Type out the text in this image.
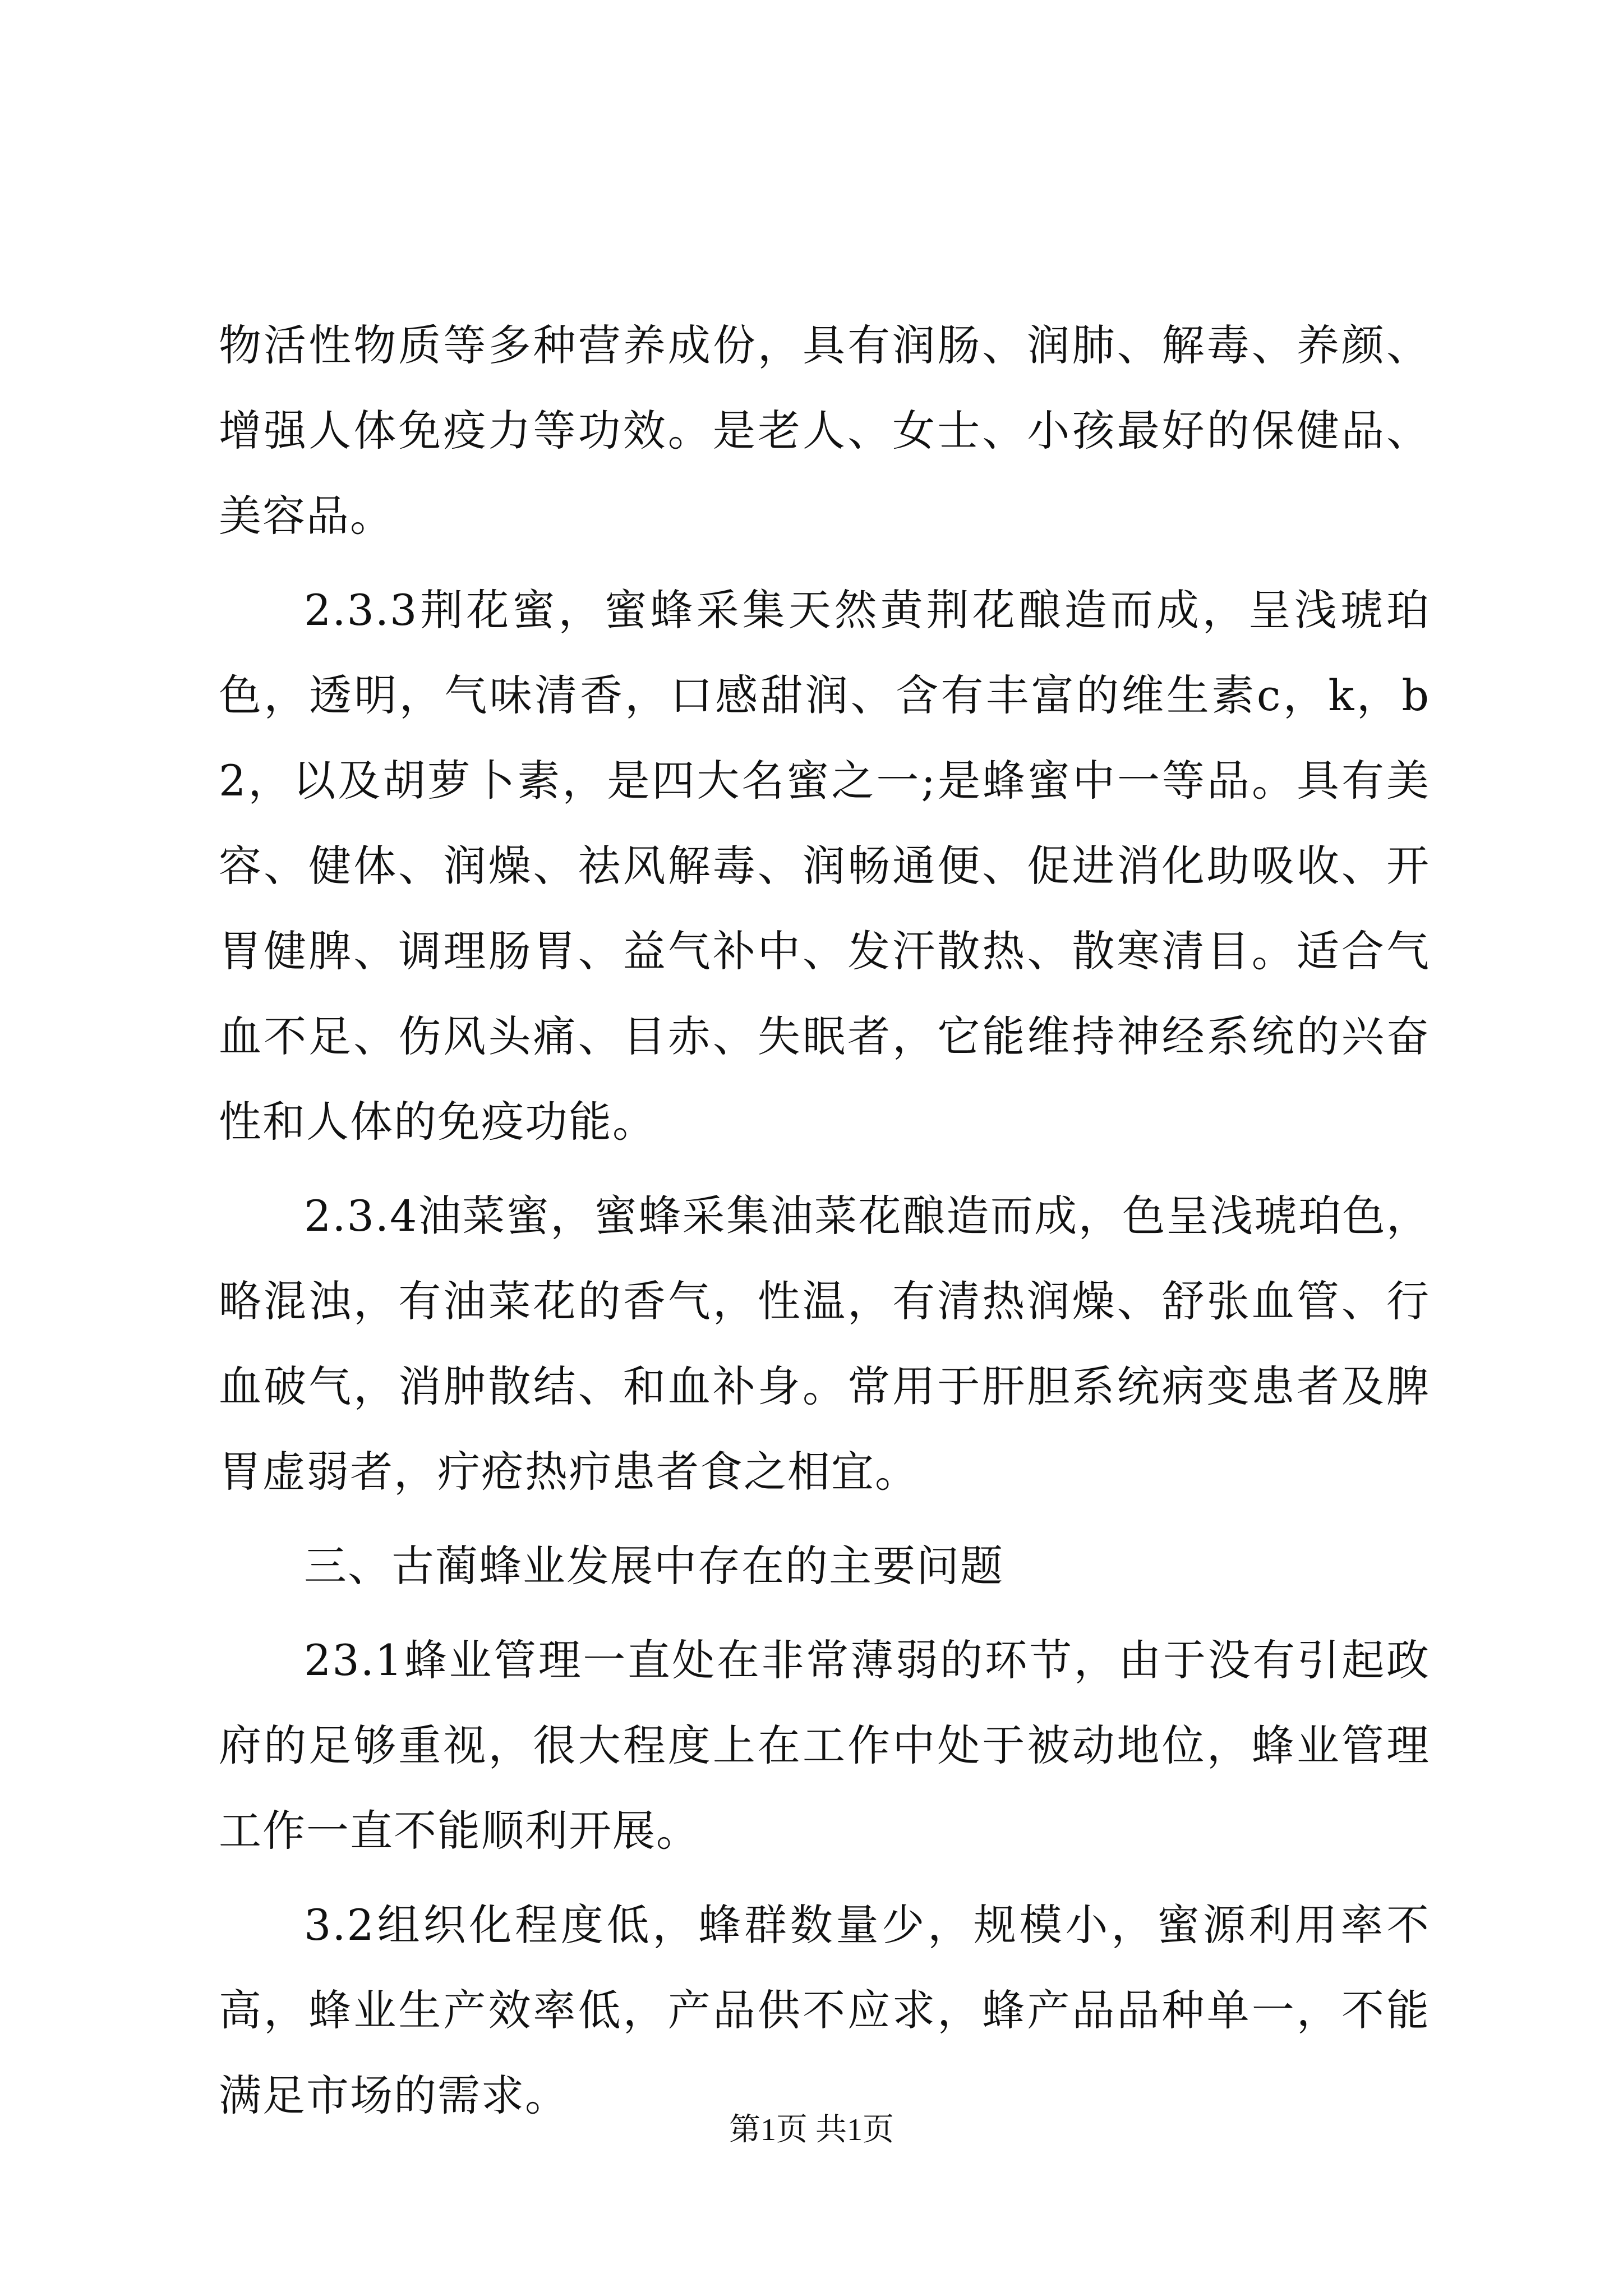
物活性物质等多种营养成份，具有润肠、润肺、解毒、养颜、增强人体免疫力等功效。是老人、女士、小孩最好的保健品、美容品。

2.3.3荆花蜜，蜜蜂采集天然黄荆花酿造而成，呈浅琥珀色，透明，气味清香，口感甜润、含有丰富的维生素c，k，b2，以及胡萝卜素，是四大名蜜之一;是蜂蜜中一等品。具有美容、健体、润燥、祛风解毒、润畅通便、促进消化助吸收、开胃健脾、调理肠胃、益气补中、发汗散热、散寒清目。适合气血不足、伤风头痛、目赤、失眠者，它能维持神经系统的兴奋性和人体的免疫功能。

2.3.4油菜蜜，蜜蜂采集油菜花酿造而成，色呈浅琥珀色，略混浊，有油菜花的香气，性温，有清热润燥、舒张血管、行血破气，消肿散结、和血补身。常用于肝胆系统病变患者及脾胃虚弱者，疔疮热疖患者食之相宜。

三、古蔺蜂业发展中存在的主要问题

23.1蜂业管理一直处在非常薄弱的环节，由于没有引起政府的足够重视，很大程度上在工作中处于被动地位，蜂业管理工作一直不能顺利开展。

3.2组织化程度低，蜂群数量少，规模小，蜜源利用率不高，蜂业生产效率低，产品供不应求，蜂产品品种单一，不能满足市场的需求。

第1页 共1页
